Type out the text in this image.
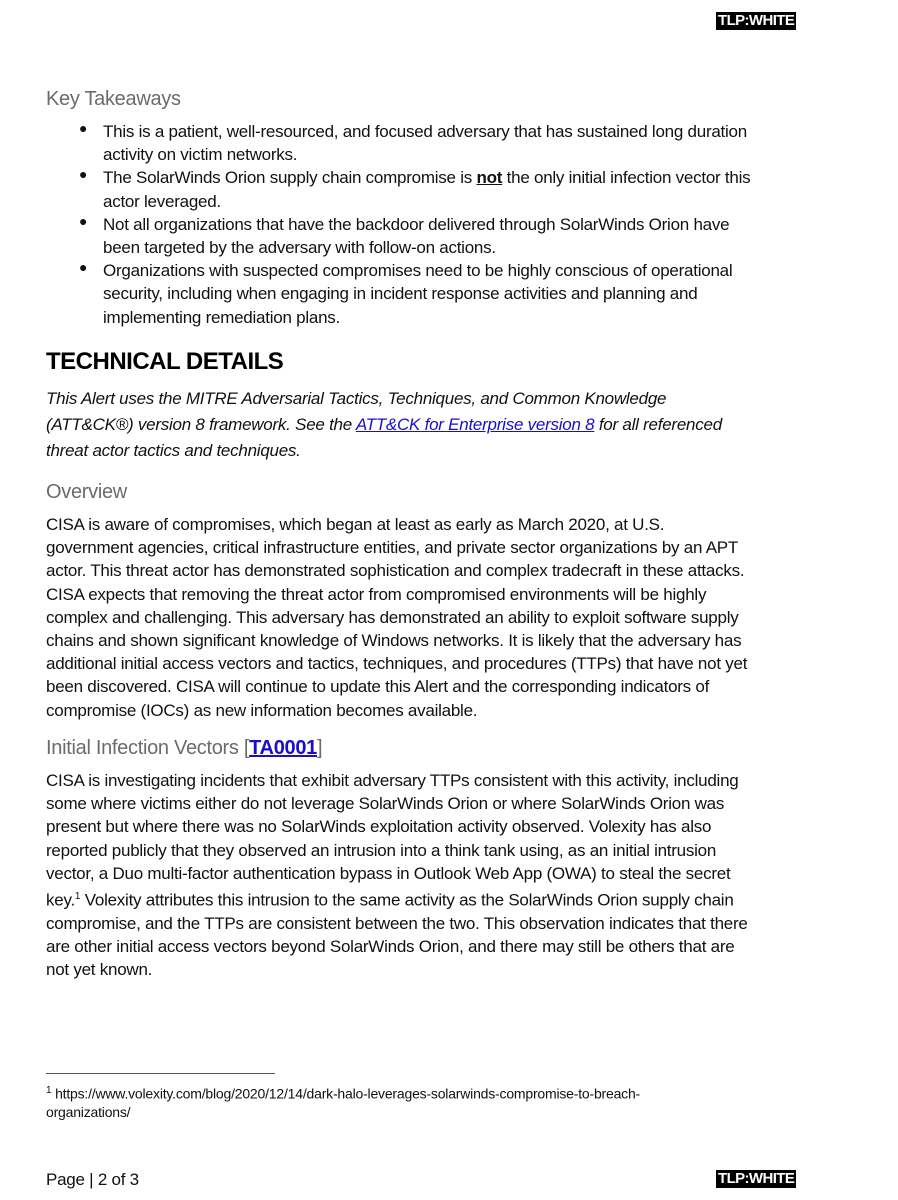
TLP:WHITE
Key Takeaways
● This is a patient, well-resourced, and focused adversary that has sustained long duration
activity on victim networks.
● The SolarWinds Orion supply chain compromise is not the only initial infection vector this
actor leveraged.
● Not all organizations that have the backdoor delivered through SolarWinds Orion have
been targeted by the adversary with follow-on actions.
● Organizations with suspected compromises need to be highly conscious of operational
security, including when engaging in incident response activities and planning and
implementing remediation plans.
TECHNICAL DETAILS
This Alert uses the MITRE Adversarial Tactics, Techniques, and Common Knowledge
(ATT&CK®) version 8 framework. See the ATT&CK for Enterprise version 8 for all referenced
threat actor tactics and techniques.
Overview
CISA is aware of compromises, which began at least as early as March 2020, at U.S.
government agencies, critical infrastructure entities, and private sector organizations by an APT
actor. This threat actor has demonstrated sophistication and complex tradecraft in these attacks.
CISA expects that removing the threat actor from compromised environments will be highly
complex and challenging. This adversary has demonstrated an ability to exploit software supply
chains and shown significant knowledge of Windows networks. It is likely that the adversary has
additional initial access vectors and tactics, techniques, and procedures (TTPs) that have not yet
been discovered. CISA will continue to update this Alert and the corresponding indicators of
compromise (IOCs) as new information becomes available.
Initial Infection Vectors [TA0001]
CISA is investigating incidents that exhibit adversary TTPs consistent with this activity, including
some where victims either do not leverage SolarWinds Orion or where SolarWinds Orion was
present but where there was no SolarWinds exploitation activity observed. Volexity has also
reported publicly that they observed an intrusion into a think tank using, as an initial intrusion
vector, a Duo multi-factor authentication bypass in Outlook Web App (OWA) to steal the secret
key.$^1$ Volexity attributes this intrusion to the same activity as the SolarWinds Orion supply chain
compromise, and the TTPs are consistent between the two. This observation indicates that there
are other initial access vectors beyond SolarWinds Orion, and there may still be others that are
not yet known.
$^1$ https://www.volexity.com/blog/2020/12/14/dark-halo-leverages-solarwinds-compromise-to-breach-
organizations/
Page | 2 of 3	TLP:WHITE
